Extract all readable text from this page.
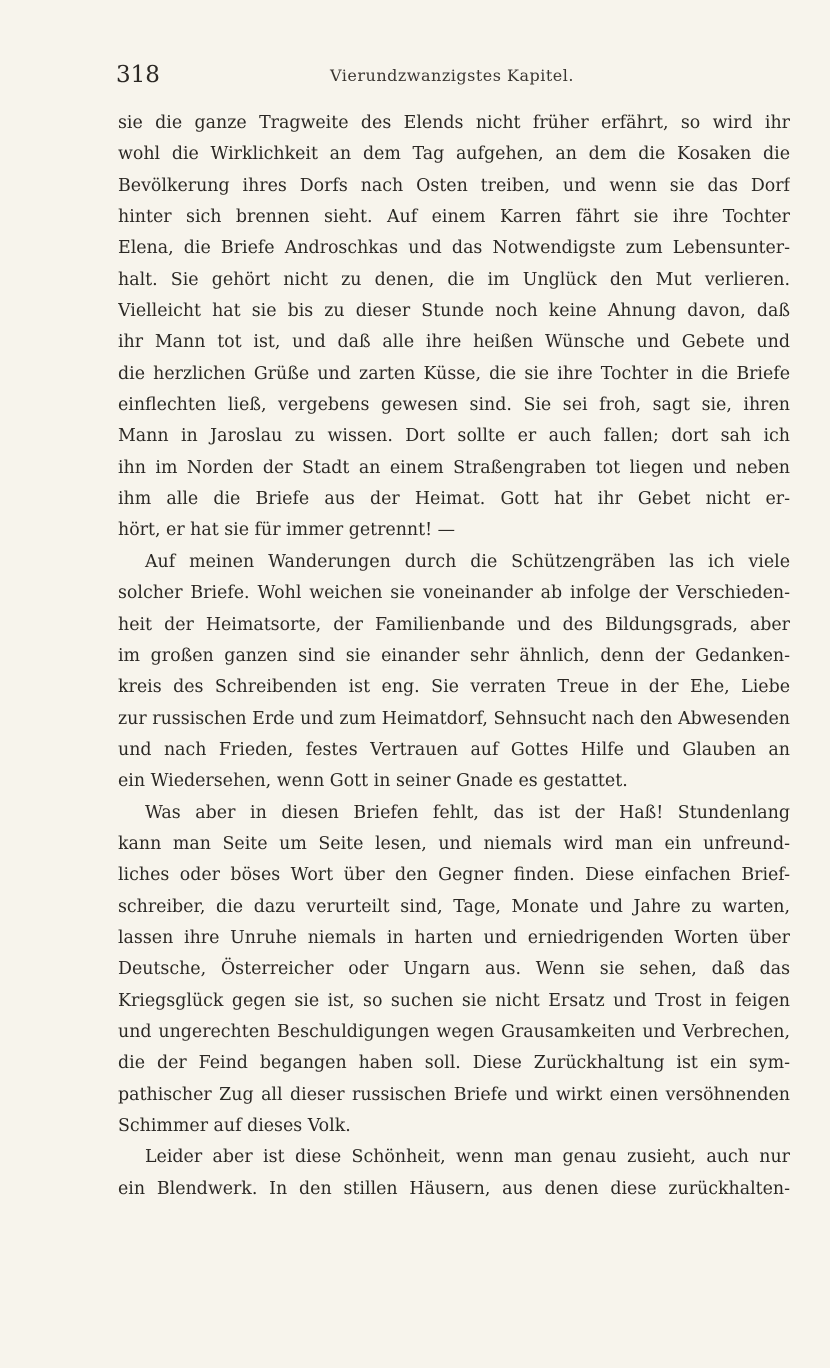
318	Vierundzwanzigstes Kapitel.
sie die ganze Tragweite des Elends nicht früher erfährt, so wird ihr
wohl die Wirklichkeit an dem Tag aufgehen, an dem die Kosaken die
Bevölkerung ihres Dorfs nach Osten treiben, und wenn sie das Dorf
hinter sich brennen sieht. Auf einem Karren fährt sie ihre Tochter
Elena, die Briefe Androschkas und das Notwendigste zum Lebensunter-
halt. Sie gehört nicht zu denen, die im Unglück den Mut verlieren.
Vielleicht hat sie bis zu dieser Stunde noch keine Ahnung davon, daß
ihr Mann tot ist, und daß alle ihre heißen Wünsche und Gebete und
die herzlichen Grüße und zarten Küsse, die sie ihre Tochter in die Briefe
einflechten ließ, vergebens gewesen sind. Sie sei froh, sagt sie, ihren
Mann in Jaroslau zu wissen. Dort sollte er auch fallen; dort sah ich
ihn im Norden der Stadt an einem Straßengraben tot liegen und neben
ihm alle die Briefe aus der Heimat. Gott hat ihr Gebet nicht er-
hört, er hat sie für immer getrennt! —
Auf meinen Wanderungen durch die Schützengräben las ich viele
solcher Briefe. Wohl weichen sie voneinander ab infolge der Verschieden-
heit der Heimatsorte, der Familienbande und des Bildungsgrads, aber
im großen ganzen sind sie einander sehr ähnlich, denn der Gedanken-
kreis des Schreibenden ist eng. Sie verraten Treue in der Ehe, Liebe
zur russischen Erde und zum Heimatdorf, Sehnsucht nach den Abwesenden
und nach Frieden, festes Vertrauen auf Gottes Hilfe und Glauben an
ein Wiedersehen, wenn Gott in seiner Gnade es gestattet.
Was aber in diesen Briefen fehlt, das ist der Haß! Stundenlang
kann man Seite um Seite lesen, und niemals wird man ein unfreund-
liches oder böses Wort über den Gegner finden. Diese einfachen Brief-
schreiber, die dazu verurteilt sind, Tage, Monate und Jahre zu warten,
lassen ihre Unruhe niemals in harten und erniedrigenden Worten über
Deutsche, Österreicher oder Ungarn aus. Wenn sie sehen, daß das
Kriegsglück gegen sie ist, so suchen sie nicht Ersatz und Trost in feigen
und ungerechten Beschuldigungen wegen Grausamkeiten und Verbrechen,
die der Feind begangen haben soll. Diese Zurückhaltung ist ein sym-
pathischer Zug all dieser russischen Briefe und wirkt einen versöhnenden
Schimmer auf dieses Volk.
Leider aber ist diese Schönheit, wenn man genau zusieht, auch nur
ein Blendwerk. In den stillen Häusern, aus denen diese zurückhalten-
